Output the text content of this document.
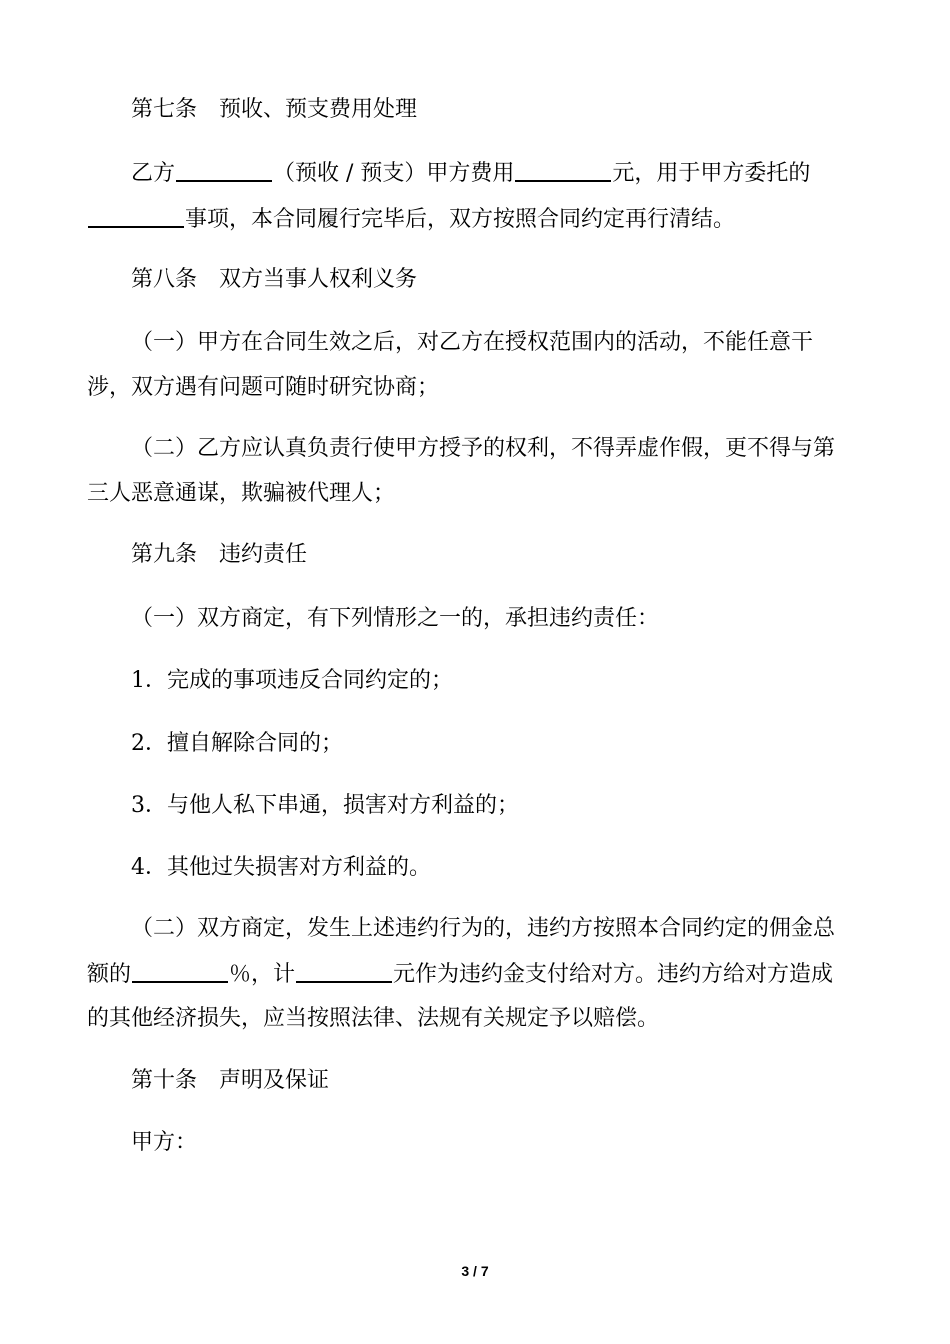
第七条 预收、预支费用处理
乙方	（预收 / 预支）甲方费用	元，用于甲方委托的
事项，本合同履行完毕后，双方按照合同约定再行清结。
第八条 双方当事人权利义务
（一）甲方在合同生效之后，对乙方在授权范围内的活动，不能任意干
涉，双方遇有问题可随时研究协商；
（二）乙方应认真负责行使甲方授予的权利，不得弄虚作假，更不得与第
三人恶意通谋，欺骗被代理人；
第九条 违约责任
（一）双方商定，有下列情形之一的，承担违约责任：
1．完成的事项违反合同约定的；
2．擅自解除合同的；
3．与他人私下串通，损害对方利益的；
4．其他过失损害对方利益的。
（二）双方商定，发生上述违约行为的，违约方按照本合同约定的佣金总
额的	％，计	元作为违约金支付给对方。违约方给对方造成
的其他经济损失，应当按照法律、法规有关规定予以赔偿。
第十条 声明及保证
甲方：
3 / 7
